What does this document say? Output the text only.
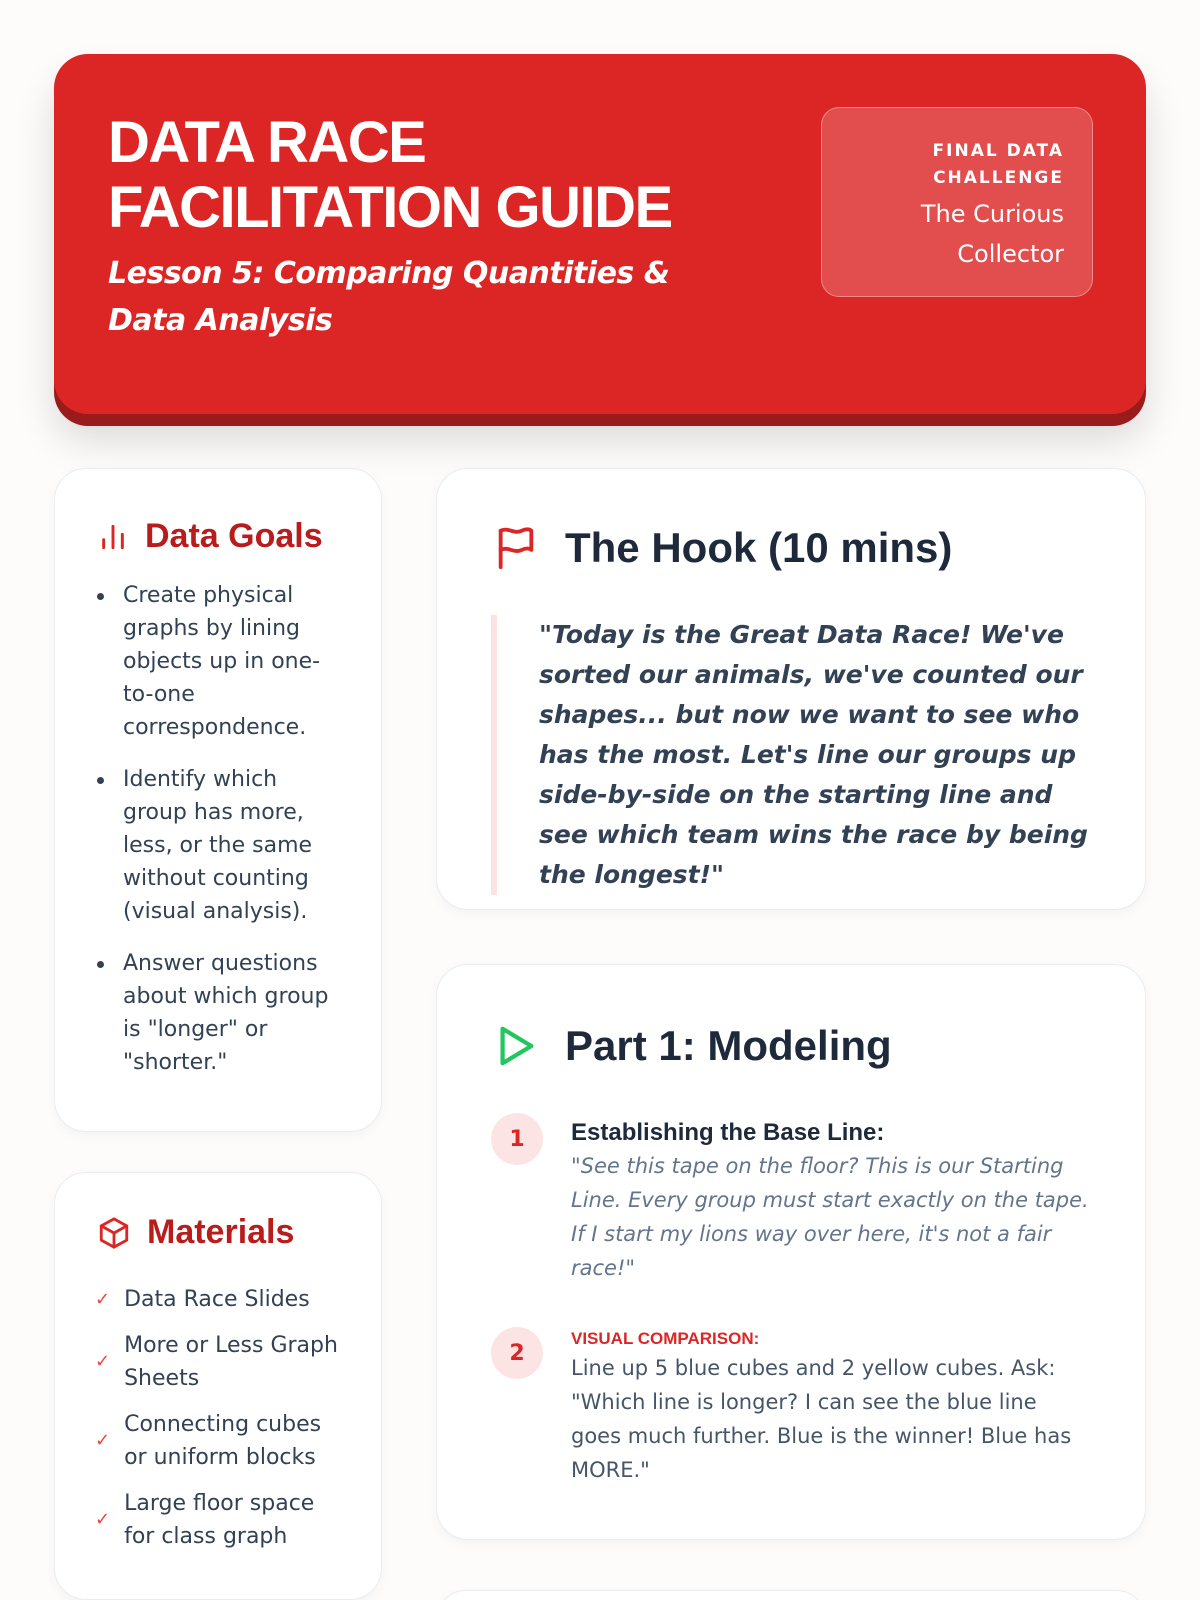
DATA RACE
FACILITATION GUIDE
Lesson 5: Comparing Quantities & Data Analysis
FINAL DATA CHALLENGE
The Curious Collector
Data Goals
Create physical graphs by lining objects up in one-to-one correspondence.
Identify which group has more, less, or the same without counting (visual analysis).
Answer questions about which group is "longer" or "shorter."
Materials
✓ Data Race Slides
✓
More or Less Graph Sheets
✓
Connecting cubes or uniform blocks
✓
Large floor space for class graph
The Hook (10 mins)
"Today is the Great Data Race! We've sorted our animals, we've counted our shapes... but now we want to see who has the most. Let's line our groups up side-by-side on the starting line and see which team wins the race by being the longest!"
Part 1: Modeling
1	Establishing the Base Line:
"See this tape on the floor? This is our Starting Line. Every group must start exactly on the tape. If I start my lions way over here, it's not a fair race!"
2
VISUAL COMPARISON:
Line up 5 blue cubes and 2 yellow cubes. Ask: "Which line is longer? I can see the blue line goes much further. Blue is the winner! Blue has MORE."
